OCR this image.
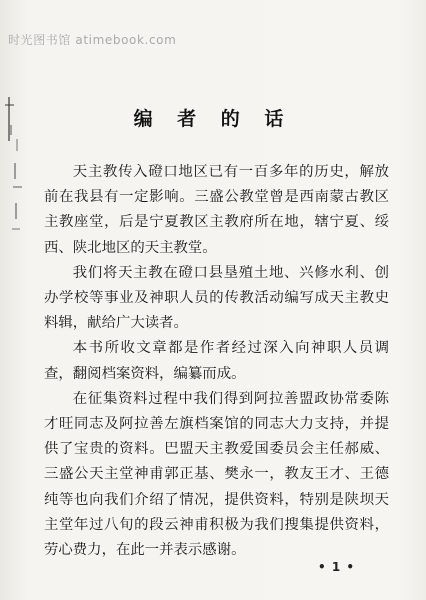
时光图书馆 atimebook.com
编 者 的 话

天主教传入磴口地区已有一百多年的历史，解放前在我县有一定影响。三盛公教堂曾是西南蒙古教区主教座堂，后是宁夏教区主教府所在地，辖宁夏、绥西、陕北地区的天主教堂。

我们将天主教在磴口县垦殖土地、兴修水利、创办学校等事业及神职人员的传教活动编写成天主教史料辑，献给广大读者。

本书所收文章都是作者经过深入向神职人员调查，翻阅档案资料，编纂而成。

在征集资料过程中我们得到阿拉善盟政协常委陈才旺同志及阿拉善左旗档案馆的同志大力支持，并提供了宝贵的资料。巴盟天主教爱国委员会主任郝威、三盛公天主堂神甫郭正基、樊永一，教友王才、王德纯等也向我们介绍了情况，提供资料，特别是陕坝天主堂年过八旬的段云神甫积极为我们搜集提供资料，劳心费力，在此一并表示感谢。

• 1 •
